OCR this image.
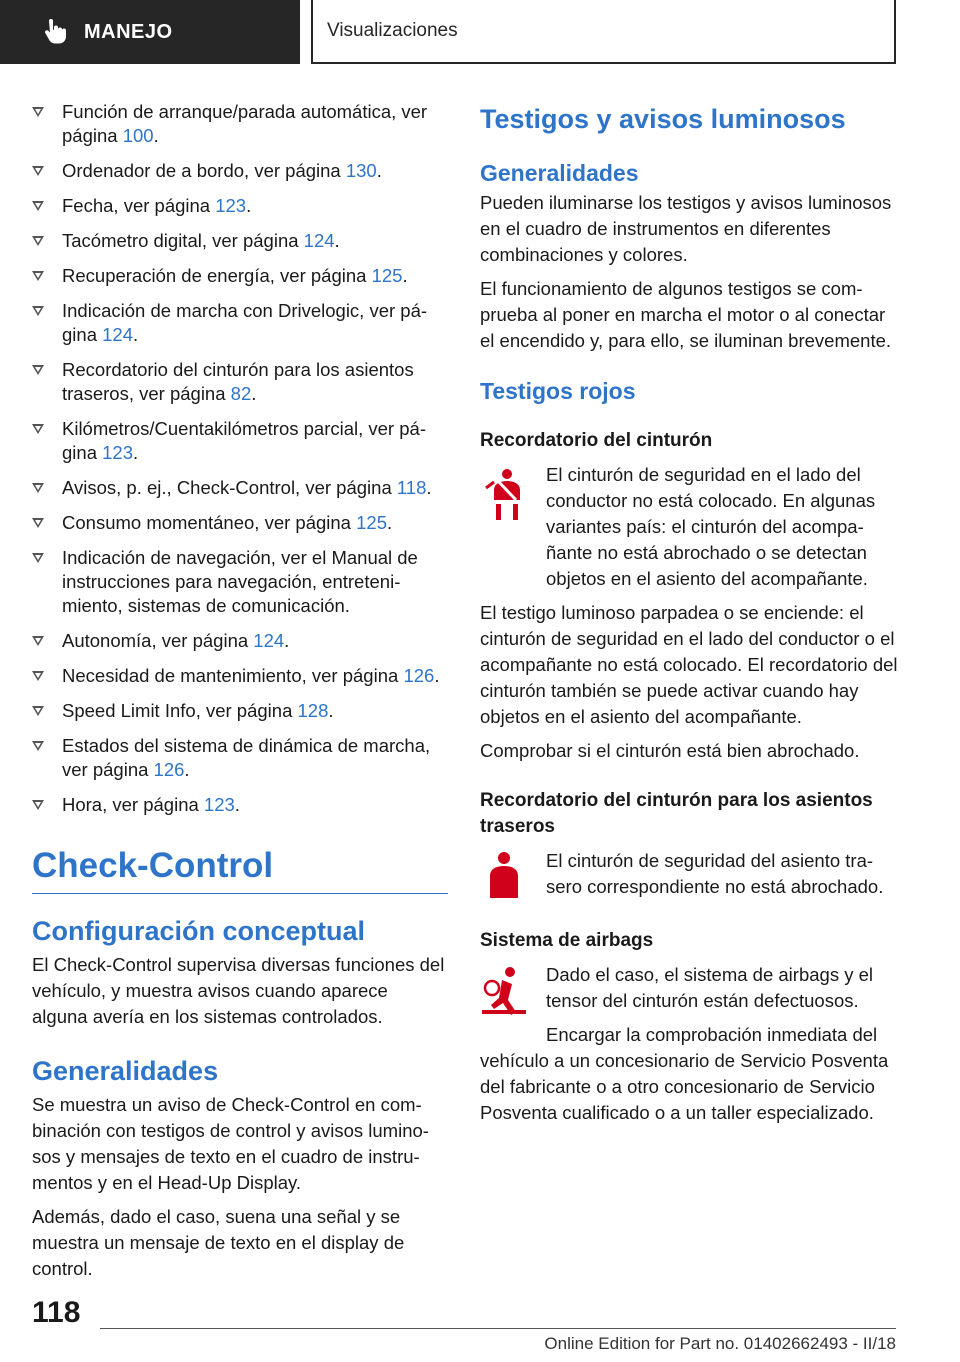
MANEJO	Visualizaciones
Función de arranque/parada automática, ver página 100.
Ordenador de a bordo, ver página 130.
Fecha, ver página 123.
Tacómetro digital, ver página 124.
Recuperación de energía, ver página 125.
Indicación de marcha con Drivelogic, ver página 124.
Recordatorio del cinturón para los asientos traseros, ver página 82.
Kilómetros/Cuentakilómetros parcial, ver página 123.
Avisos, p. ej., Check-Control, ver página 118.
Consumo momentáneo, ver página 125.
Indicación de navegación, ver el Manual de instrucciones para navegación, entretenimiento, sistemas de comunicación.
Autonomía, ver página 124.
Necesidad de mantenimiento, ver página 126.
Speed Limit Info, ver página 128.
Estados del sistema de dinámica de marcha, ver página 126.
Hora, ver página 123.
Check-Control
Configuración conceptual

El Check-Control supervisa diversas funciones del vehículo, y muestra avisos cuando aparece alguna avería en los sistemas controlados.

Generalidades

Se muestra un aviso de Check-Control en combinación con testigos de control y avisos luminosos y mensajes de texto en el cuadro de instrumentos y en el Head-Up Display.

Además, dado el caso, suena una señal y se muestra un mensaje de texto en el display de control.

Testigos y avisos luminosos
Generalidades

Pueden iluminarse los testigos y avisos luminosos en el cuadro de instrumentos en diferentes combinaciones y colores.

El funcionamiento de algunos testigos se comprueba al poner en marcha el motor o al conectar el encendido y, para ello, se iluminan brevemente.

Testigos rojos
Recordatorio del cinturón

El cinturón de seguridad en el lado del conductor no está colocado. En algunas variantes país: el cinturón del acompañante no está abrochado o se detectan objetos en el asiento del acompañante.

El testigo luminoso parpadea o se enciende: el cinturón de seguridad en el lado del conductor o el acompañante no está colocado. El recordatorio del cinturón también se puede activar cuando hay objetos en el asiento del acompañante.

Comprobar si el cinturón está bien abrochado.

Recordatorio del cinturón para los asientos traseros

El cinturón de seguridad del asiento trasero correspondiente no está abrochado.

Sistema de airbags

Dado el caso, el sistema de airbags y el tensor del cinturón están defectuosos.

Encargar la comprobación inmediata del vehículo a un concesionario de Servicio Posventa del fabricante o a otro concesionario de Servicio Posventa cualificado o a un taller especializado.

118
Online Edition for Part no. 01402662493 - II/18
